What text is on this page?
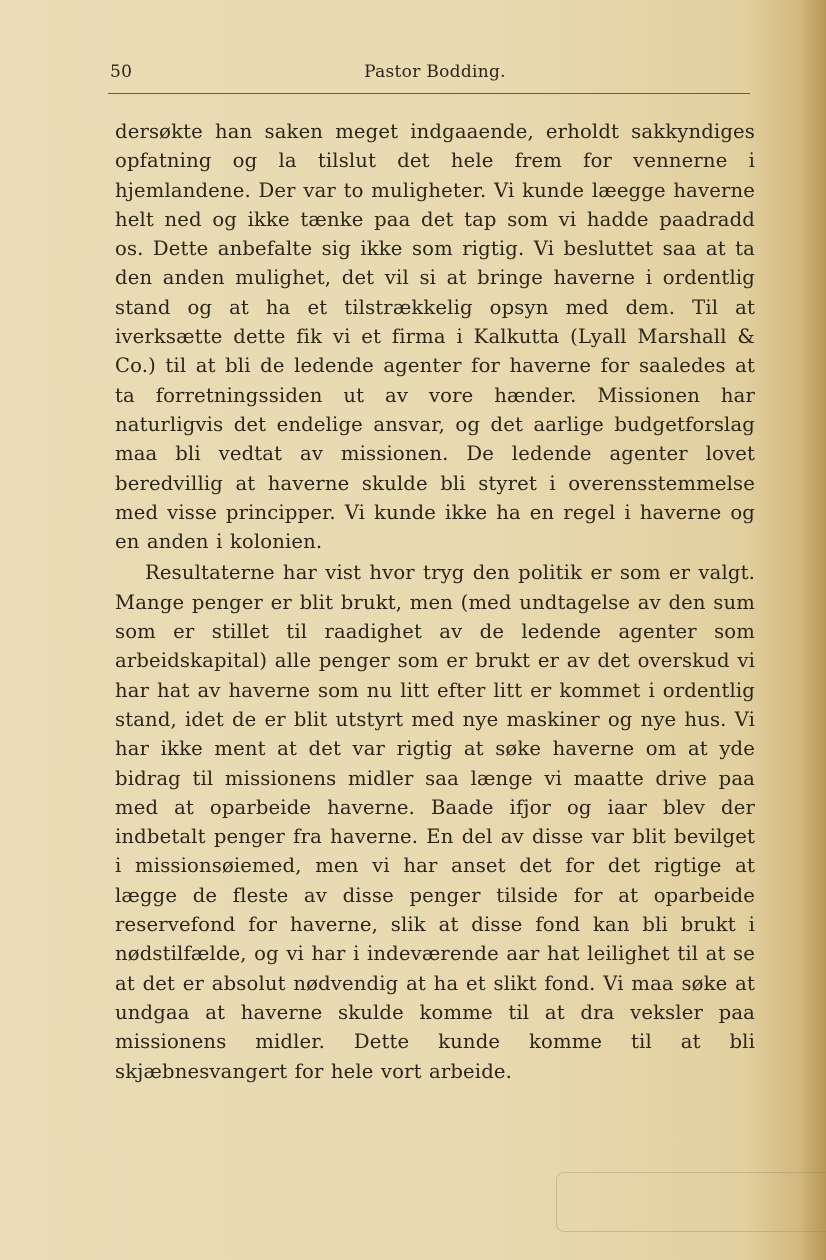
50	Pastor Bodding.

dersøkte han saken meget indgaaende, erholdt sakkyndiges opfatning og la tilslut det hele frem for vennerne i hjemlandene. Der var to muligheter. Vi kunde læegge haverne helt ned og ikke tænke paa det tap som vi hadde paadradd os. Dette anbefalte sig ikke som rigtig. Vi besluttet saa at ta den anden mulighet, det vil si at bringe haverne i ordentlig stand og at ha et tilstrækkelig opsyn med dem. Til at iverksætte dette fik vi et firma i Kalkutta (Lyall Marshall & Co.) til at bli de ledende agenter for haverne for saaledes at ta forretningssiden ut av vore hænder. Missionen har naturligvis det endelige ansvar, og det aarlige budgetforslag maa bli vedtat av missionen. De ledende agenter lovet beredvillig at haverne skulde bli styret i overensstemmelse med visse principper. Vi kunde ikke ha en regel i haverne og en anden i kolonien.

Resultaterne har vist hvor tryg den politik er som er valgt. Mange penger er blit brukt, men (med undtagelse av den sum som er stillet til raadighet av de ledende agenter som arbeidskapital) alle penger som er brukt er av det overskud vi har hat av haverne som nu litt efter litt er kommet i ordentlig stand, idet de er blit utstyrt med nye maskiner og nye hus. Vi har ikke ment at det var rigtig at søke haverne om at yde bidrag til missionens midler saa længe vi maatte drive paa med at oparbeide haverne. Baade ifjor og iaar blev der indbetalt penger fra haverne. En del av disse var blit bevilget i missionsøiemed, men vi har anset det for det rigtige at lægge de fleste av disse penger tilside for at oparbeide reservefond for haverne, slik at disse fond kan bli brukt i nødstilfælde, og vi har i indeværende aar hat leilighet til at se at det er absolut nødvendig at ha et slikt fond. Vi maa søke at undgaa at haverne skulde komme til at dra veksler paa missionens midler. Dette kunde komme til at bli skjæbnesvangert for hele vort arbeide.
